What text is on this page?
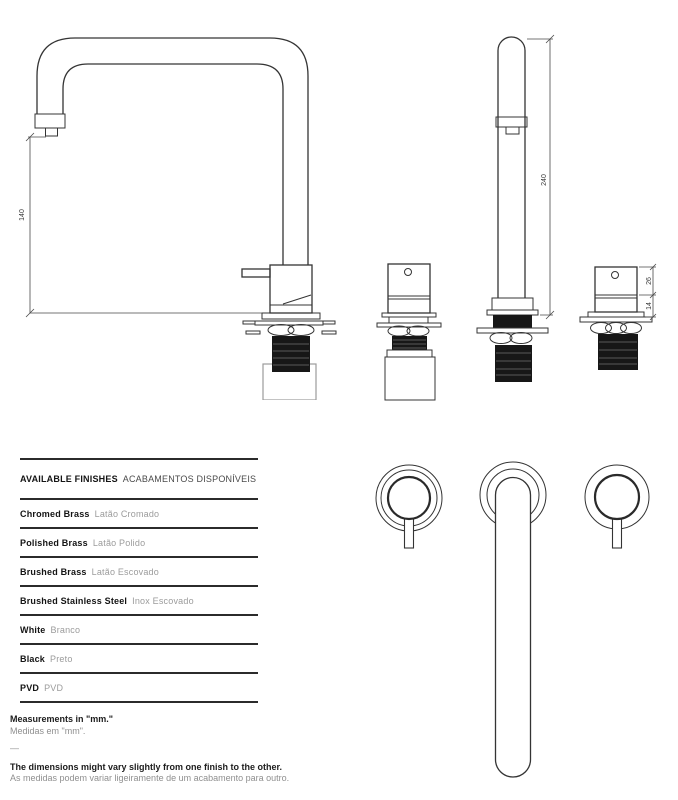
140
240
26
14
AVAILABLE FINISHES ACABAMENTOS DISPONÍVEIS
Chromed Brass Latão Cromado
Polished Brass Latão Polido
Brushed Brass Latão Escovado
Brushed Stainless Steel Inox Escovado
White Branco
Black Preto
PVD PVD
Measurements in "mm."
Medidas em "mm".
—
The dimensions might vary slightly from one finish to the other.
As medidas podem variar ligeiramente de um acabamento para outro.
